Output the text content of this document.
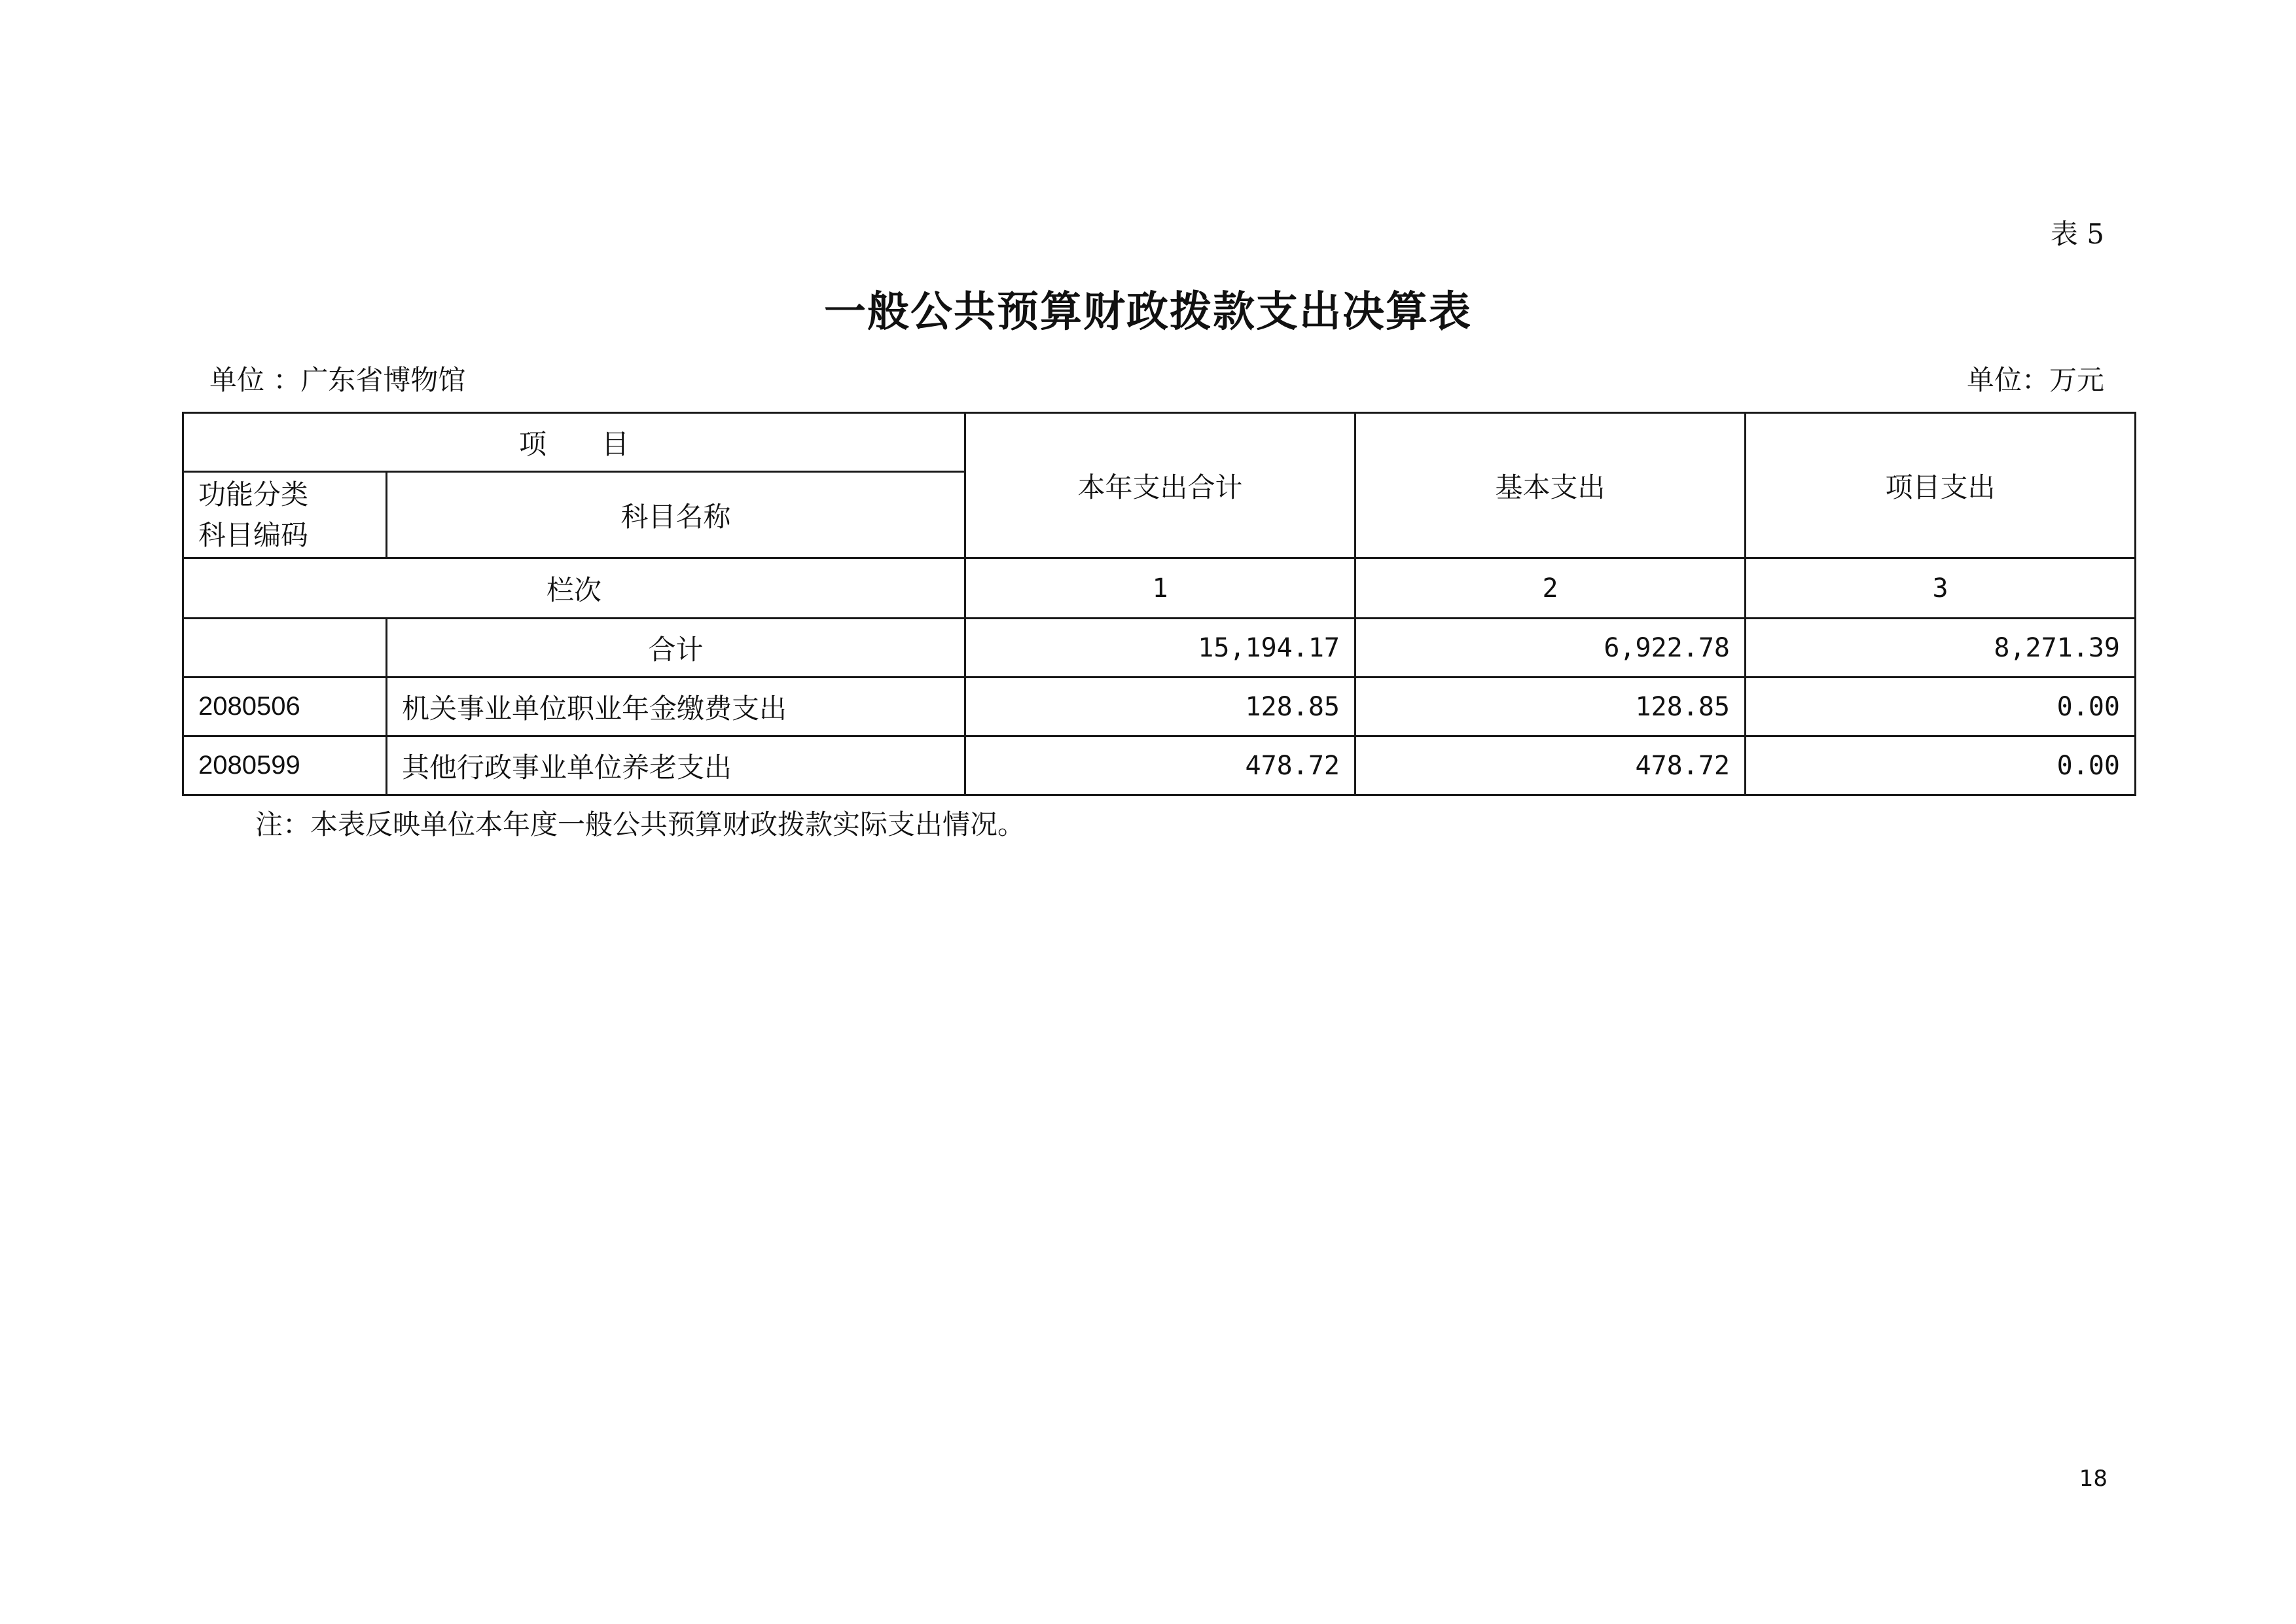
表 5
一般公共预算财政拨款支出决算表
单位 ：广东省博物馆	单位：万元
项　　目		本年支出合计	基本支出	项目支出

功能分类
科目编码	科目名称			
栏次		1	2	3
	合计	15,194.17	6,922.78	8,271.39
2080506	机关事业单位职业年金缴费支出	128.85	128.85	0.00
2080599	其他行政事业单位养老支出	478.72	478.72	0.00
注：本表反映单位本年度一般公共预算财政拨款实际支出情况。
18
